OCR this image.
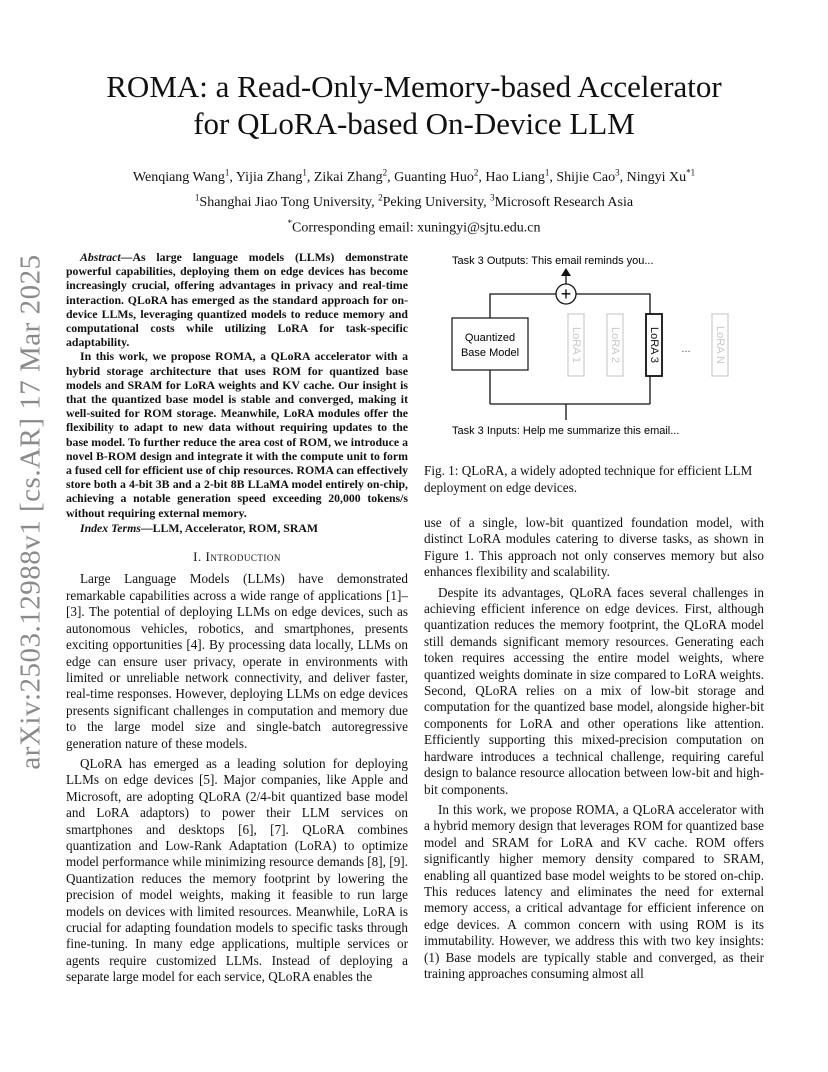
arXiv:2503.12988v1 [cs.AR] 17 Mar 2025
ROMA: a Read-Only-Memory-based Accelerator
for QLoRA-based On-Device LLM
Wenqiang Wang$^1$, Yijia Zhang$^1$, Zikai Zhang$^2$, Guanting Huo$^2$, Hao Liang$^1$, Shijie Cao$^3$, Ningyi Xu$^{*1}$
$^1$Shanghai Jiao Tong University, $^2$Peking University, $^3$Microsoft Research Asia
*Corresponding email: xuningyi@sjtu.edu.cn

Abstract—As large language models (LLMs) demonstrate powerful capabilities, deploying them on edge devices has become increasingly crucial, offering advantages in privacy and real-time interaction. QLoRA has emerged as the standard approach for on-device LLMs, leveraging quantized models to reduce memory and computational costs while utilizing LoRA for task-specific adaptability.

In this work, we propose ROMA, a QLoRA accelerator with a hybrid storage architecture that uses ROM for quantized base models and SRAM for LoRA weights and KV cache. Our insight is that the quantized base model is stable and converged, making it well-suited for ROM storage. Meanwhile, LoRA modules offer the flexibility to adapt to new data without requiring updates to the base model. To further reduce the area cost of ROM, we introduce a novel B-ROM design and integrate it with the compute unit to form a fused cell for efficient use of chip resources. ROMA can effectively store both a 4-bit 3B and a 2-bit 8B LLaMA model entirely on-chip, achieving a notable generation speed exceeding 20,000 tokens/s without requiring external memory.

Index Terms—LLM, Accelerator, ROM, SRAM

I. Introduction

Large Language Models (LLMs) have demonstrated remarkable capabilities across a wide range of applications [1]–[3]. The potential of deploying LLMs on edge devices, such as autonomous vehicles, robotics, and smartphones, presents exciting opportunities [4]. By processing data locally, LLMs on edge can ensure user privacy, operate in environments with limited or unreliable network connectivity, and deliver faster, real-time responses. However, deploying LLMs on edge devices presents significant challenges in computation and memory due to the large model size and single-batch autoregressive generation nature of these models.

QLoRA has emerged as a leading solution for deploying LLMs on edge devices [5]. Major companies, like Apple and Microsoft, are adopting QLoRA (2/4-bit quantized base model and LoRA adaptors) to power their LLM services on smartphones and desktops [6], [7]. QLoRA combines quantization and Low-Rank Adaptation (LoRA) to optimize model performance while minimizing resource demands [8], [9]. Quantization reduces the memory footprint by lowering the precision of model weights, making it feasible to run large models on devices with limited resources. Meanwhile, LoRA is crucial for adapting foundation models to specific tasks through fine-tuning. In many edge applications, multiple services or agents require customized LLMs. Instead of deploying a separate large model for each service, QLoRA enables the

Task 3 Outputs: This email reminds you...
+
Quantized
Base Model	LoRA 1 LoRA 2 LoRA 3 ... LoRA N
Task 3 Inputs: Help me summarize this email...

Fig. 1: QLoRA, a widely adopted technique for efficient LLM deployment on edge devices.

use of a single, low-bit quantized foundation model, with distinct LoRA modules catering to diverse tasks, as shown in Figure 1. This approach not only conserves memory but also enhances flexibility and scalability.

Despite its advantages, QLoRA faces several challenges in achieving efficient inference on edge devices. First, although quantization reduces the memory footprint, the QLoRA model still demands significant memory resources. Generating each token requires accessing the entire model weights, where quantized weights dominate in size compared to LoRA weights. Second, QLoRA relies on a mix of low-bit storage and computation for the quantized base model, alongside higher-bit components for LoRA and other operations like attention. Efficiently supporting this mixed-precision computation on hardware introduces a technical challenge, requiring careful design to balance resource allocation between low-bit and high-bit components.

In this work, we propose ROMA, a QLoRA accelerator with a hybrid memory design that leverages ROM for quantized base model and SRAM for LoRA and KV cache. ROM offers significantly higher memory density compared to SRAM, enabling all quantized base model weights to be stored on-chip. This reduces latency and eliminates the need for external memory access, a critical advantage for efficient inference on edge devices. A common concern with using ROM is its immutability. However, we address this with two key insights: (1) Base models are typically stable and converged, as their training approaches consuming almost all
